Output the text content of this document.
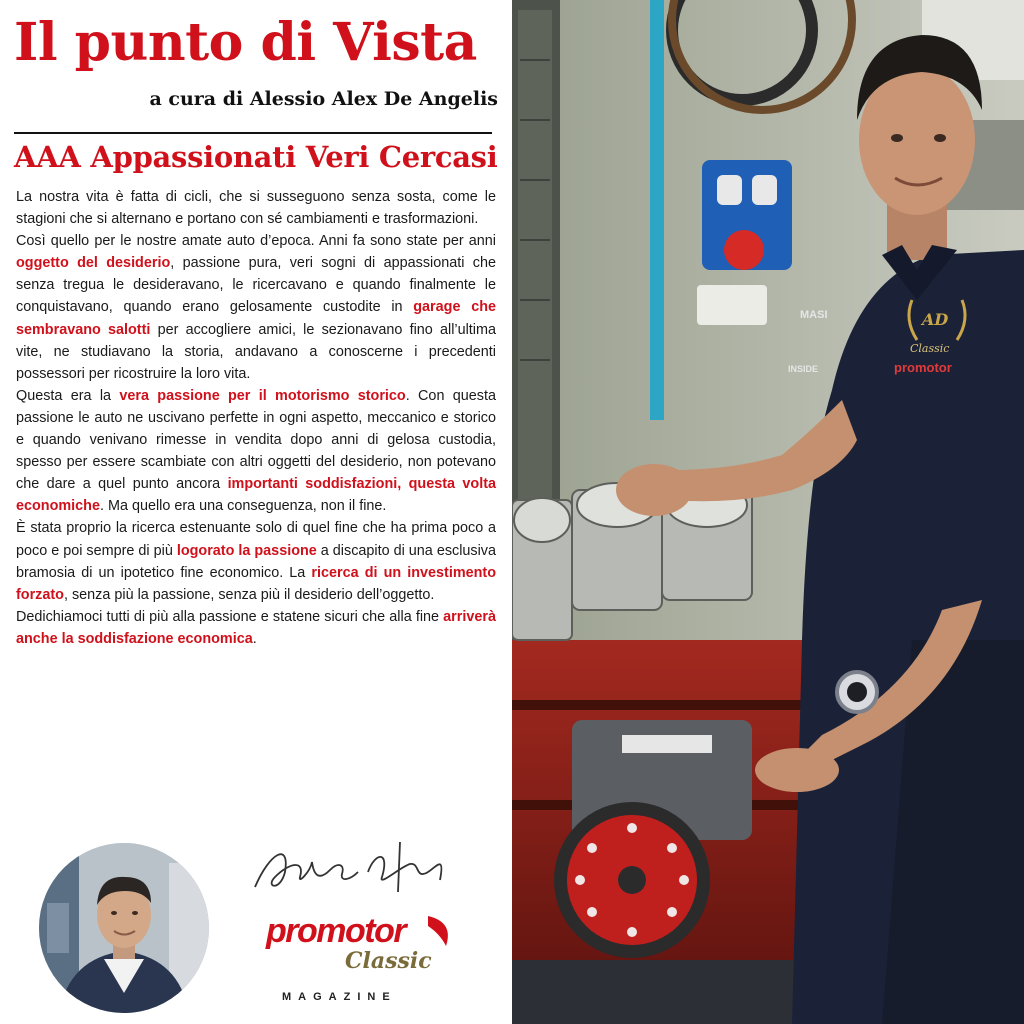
Il punto di Vista
a cura di Alessio Alex De Angelis
AAA Appassionati Veri Cercasi

La nostra vita è fatta di cicli, che si susseguono senza sosta, come le stagioni che si alternano e portano con sé cambiamenti e trasformazioni.

Così quello per le nostre amate auto d’epoca. Anni fa sono state per anni oggetto del desiderio, passione pura, veri sogni di appassionati che senza tregua le desideravano, le ricercavano e quando finalmente le conquistavano, quando erano gelosamente custodite in garage che sembravano salotti per accogliere amici, le sezionavano fino all’ultima vite, ne studiavano la storia, andavano a conoscerne i precedenti possessori per ricostruire la loro vita.

Questa era la vera passione per il motorismo storico. Con questa passione le auto ne uscivano perfette in ogni aspetto, meccanico e storico e quando venivano rimesse in vendita dopo anni di gelosa custodia, spesso per essere scambiate con altri oggetti del desiderio, non potevano che dare a quel punto ancora importanti soddisfazioni, questa volta economiche. Ma quello era una conseguenza, non il fine.

È stata proprio la ricerca estenuante solo di quel fine che ha prima poco a poco e poi sempre di più logorato la passione a discapito di una esclusiva bramosia di un ipotetico fine economico. La ricerca di un investimento forzato, senza più la passione, senza più il desiderio dell’oggetto.

Dedichiamoci tutti di più alla passione e statene sicuri che alla fine arriverà anche la soddisfazione economica.

promotor
Classic
MAGAZINE
MASI
INSIDE
AD
Classic
promotor
